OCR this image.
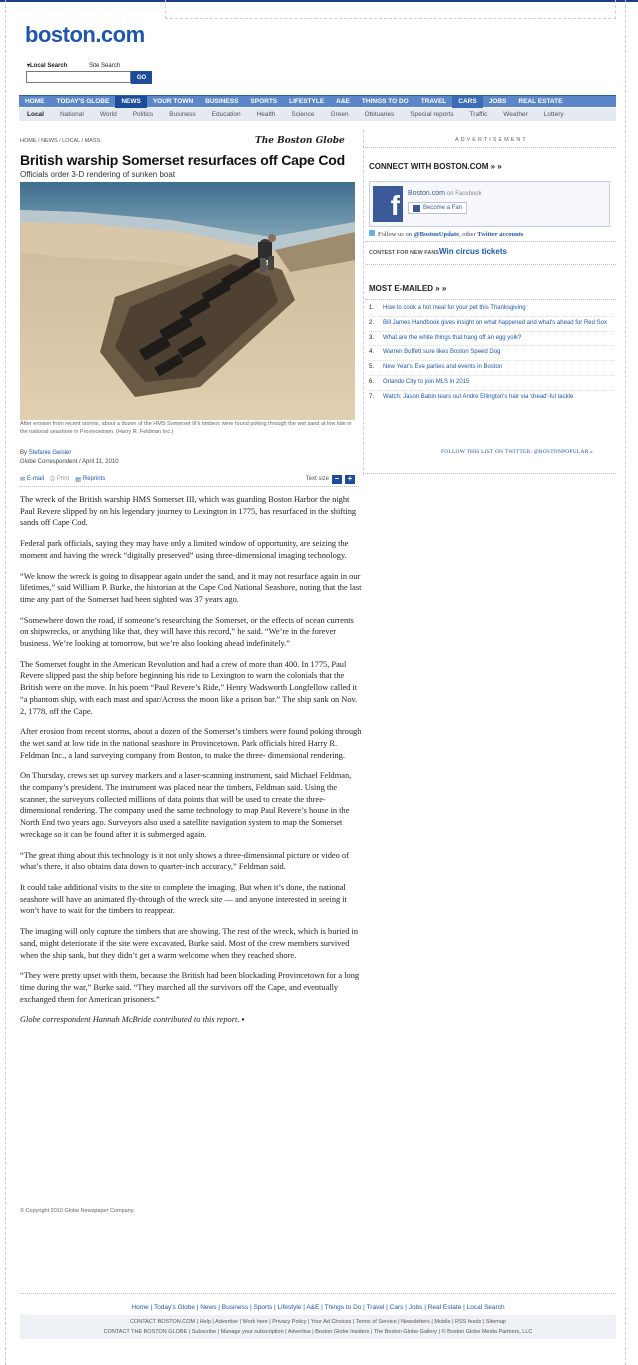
boston.com
▾Local Search	Site Search
GO
HOME	TODAY'S GLOBE	NEWS	YOUR TOWN	BUSINESS	SPORTS	LIFESTYLE	A&E	THINGS TO DO	TRAVEL	CARS	JOBS	REAL ESTATE
Local	National	World	Politics	Business	Education	Health	Science	Green	Obituaries	Special reports	Traffic	Weather	Lottery
HOME / NEWS / LOCAL / MASS.	The Boston Globe
British warship Somerset resurfaces off Cape Cod
Officials order 3-D rendering of sunken boat
After erosion from recent storms, about a dozen of the HMS Somerset III's timbers were found poking through the wet sand at low tide in the national seashore in Provincetown. (Harry R. Feldman Inc.)
By Stefanie Geisler
Globe Correspondent / April 11, 2010
✉ E-mail ⎙ Print ▤ Reprints	Text size –	+

The wreck of the British warship HMS Somerset III, which was guarding Boston Harbor the night Paul Revere slipped by on his legendary journey to Lexington in 1775, has resurfaced in the shifting sands off Cape Cod.

Federal park officials, saying they may have only a limited window of opportunity, are seizing the moment and having the wreck “digitally preserved” using three-dimensional imaging technology.

“We know the wreck is going to disappear again under the sand, and it may not resurface again in our lifetimes,” said William P. Burke, the historian at the Cape Cod National Seashore, noting that the last time any part of the Somerset had been sighted was 37 years ago.

“Somewhere down the road, if someone’s researching the Somerset, or the effects of ocean currents on shipwrecks, or anything like that, they will have this record,” he said. “We’re in the forever business. We’re looking at tomorrow, but we’re also looking ahead indefinitely.”

The Somerset fought in the American Revolution and had a crew of more than 400. In 1775, Paul Revere slipped past the ship before beginning his ride to Lexington to warn the colonials that the British were on the move. In his poem “Paul Revere’s Ride,” Henry Wadsworth Longfellow called it “a phantom ship, with each mast and spar/Across the moon like a prison bar.” The ship sank on Nov. 2, 1778, off the Cape.

After erosion from recent storms, about a dozen of the Somerset’s timbers were found poking through the wet sand at low tide in the national seashore in Provincetown. Park officials hired Harry R. Feldman Inc., a land surveying company from Boston, to make the three- dimensional rendering.

On Thursday, crews set up survey markers and a laser-scanning instrument, said Michael Feldman, the company’s president. The instrument was placed near the timbers, Feldman said. Using the scanner, the surveyors collected millions of data points that will be used to create the three-dimensional rendering. The company used the same technology to map Paul Revere’s house in the North End two years ago. Surveyors also used a satellite navigation system to map the Somerset wreckage so it can be found after it is submerged again.

“The great thing about this technology is it not only shows a three-dimensional picture or video of what’s there, it also obtains data down to quarter-inch accuracy,” Feldman said.

It could take additional visits to the site to complete the imaging. But when it’s done, the national seashore will have an animated fly-through of the wreck site — and anyone interested in seeing it won’t have to wait for the timbers to reappear.

The imaging will only capture the timbers that are showing. The rest of the wreck, which is buried in sand, might deteriorate if the site were excavated, Burke said. Most of the crew members survived when the ship sank, but they didn’t get a warm welcome when they reached shore.

“They were pretty upset with them, because the British had been blockading Provincetown for a long time during the war,” Burke said. “They marched all the survivors off the Cape, and eventually exchanged them for American prisoners.”

Globe correspondent Hannah McBride contributed to this report. ▪

© Copyright 2010 Globe Newspaper Company.
ADVERTISEMENT
CONNECT WITH BOSTON.COM » »
f	Boston.com on Facebook
Become a Fan
Follow us on @BostonUpdate, other Twitter accounts
CONTEST FOR NEW FANSWin circus tickets
MOST E-MAILED » »
1.	How to cook a hot meal for your pet this Thanksgiving
2.	Bill James Handbook gives insight on what happened and what's ahead for Red Sox
3.	What are the white things that hang off an egg yolk?
4.	Warren Buffett sure likes Boston Speed Dog
5.	New Year's Eve parties and events in Boston
6.	Orlando City to join MLS in 2015
7.	Watch: Jason Babin tears out Andre Ellington's hair via 'dread'-ful tackle
FOLLOW THIS LIST ON TWITTER: @BOSTONPOPULAR »
Home | Today's Globe | News | Business | Sports | Lifestyle | A&E | Things to Do | Travel | Cars | Jobs | Real Estate | Local Search
CONTACT BOSTON.COM | Help | Advertise | Work here | Privacy Policy | Your Ad Choices | Terms of Service | Newsletters | Mobile | RSS feeds | Sitemap
CONTACT THE BOSTON GLOBE | Subscribe | Manage your subscription | Advertise | Boston Globe Insiders | The Boston Globe Gallery | © Boston Globe Media Partners, LLC
